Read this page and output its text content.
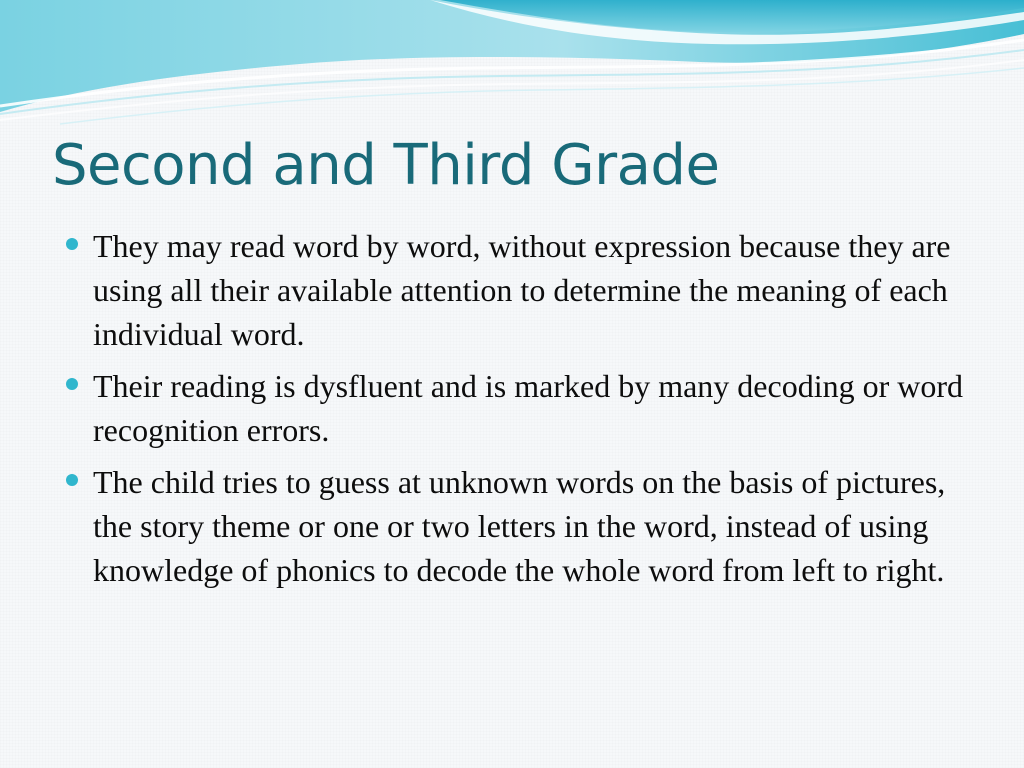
Second and Third Grade
They may read word by word, without expression because they are using all their available attention to determine the meaning of each individual word.
Their reading is dysfluent and is marked by many decoding or word recognition errors.
The child tries to guess at unknown words on the basis of pictures, the story theme or one or two letters in the word, instead of using knowledge of phonics to decode the whole word from left to right.
